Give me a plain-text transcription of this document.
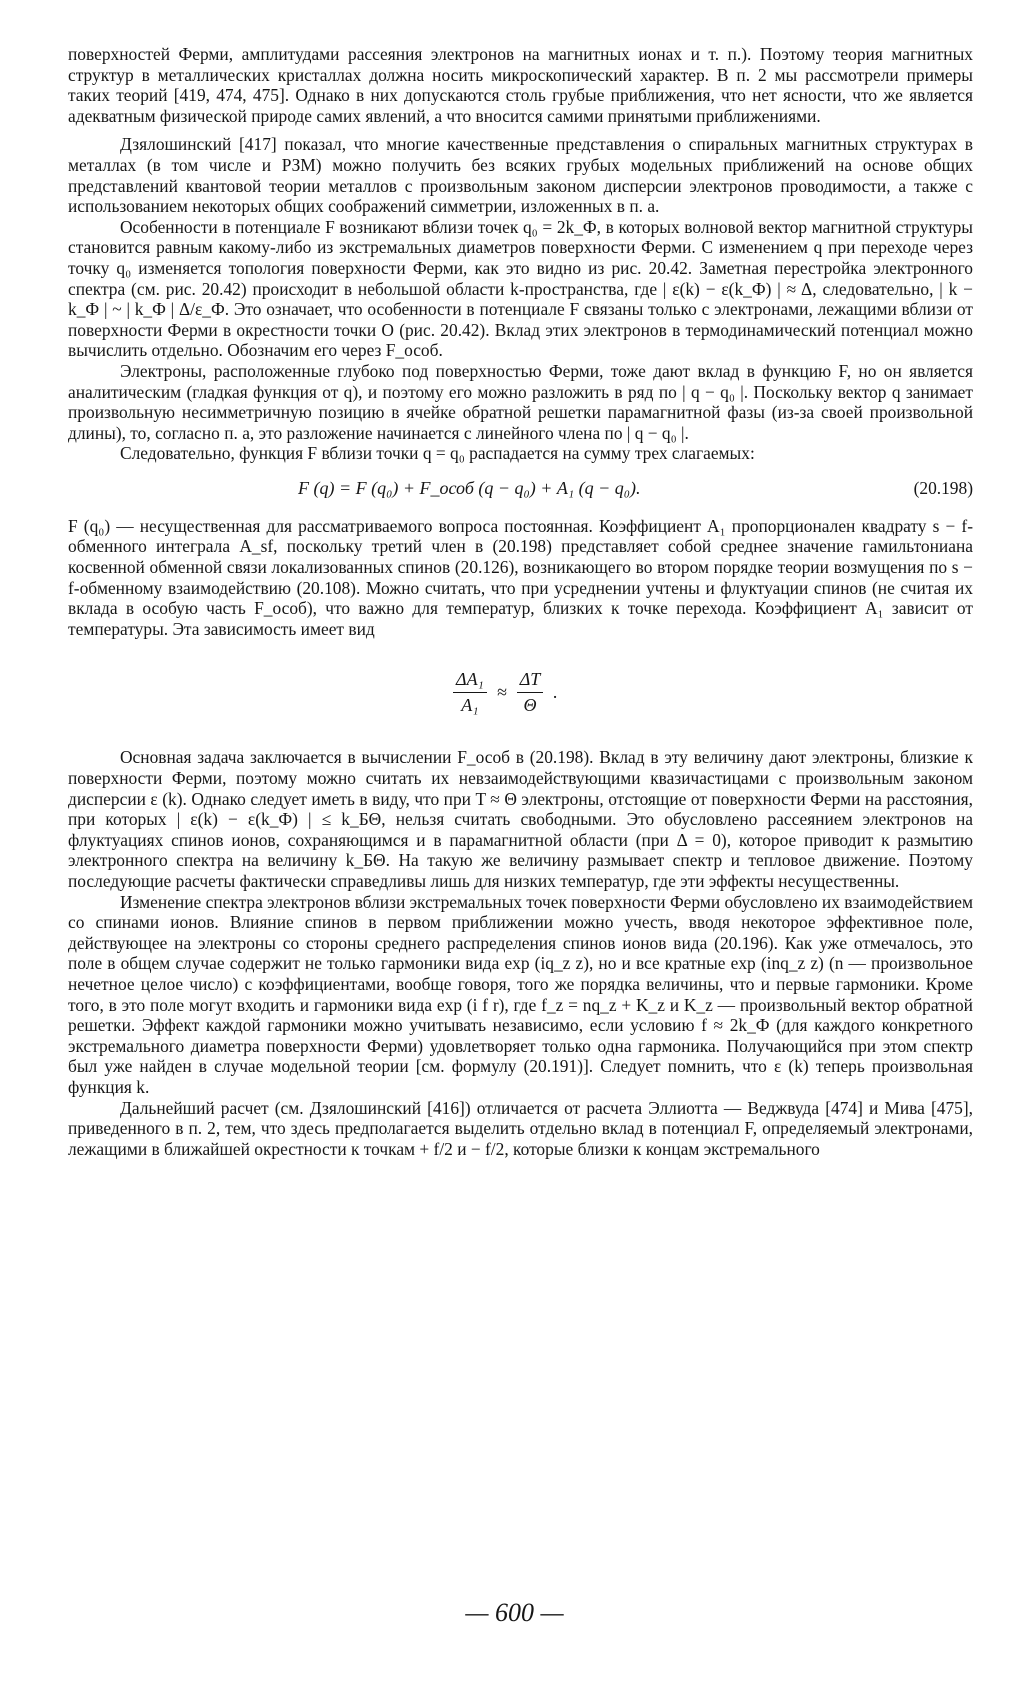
поверхностей Ферми, амплитудами рассеяния электронов на магнитных ионах и т. п.). Поэтому теория магнитных структур в металлических кристаллах должна носить микроскопический характер. В п. 2 мы рассмотрели примеры таких теорий [419, 474, 475]. Однако в них допускаются столь грубые приближения, что нет ясности, что же является адекватным физической природе самих явлений, а что вносится самими принятыми приближениями.

Дзялошинский [417] показал, что многие качественные представления о спиральных магнитных структурах в металлах (в том числе и РЗМ) можно получить без всяких грубых модельных приближений на основе общих представлений квантовой теории металлов с произвольным законом дисперсии электронов проводимости, а также с использованием некоторых общих соображений симметрии, изложенных в п. a.

Особенности в потенциале F возникают вблизи точек q₀ = 2k_Ф, в которых волновой вектор магнитной структуры становится равным какому-либо из экстремальных диаметров поверхности Ферми. С изменением q при переходе через точку q₀ изменяется топология поверхности Ферми, как это видно из рис. 20.42. Заметная перестройка электронного спектра (см. рис. 20.42) происходит в небольшой области k-пространства, где | ε(k) − ε(k_Ф) | ≈ Δ, следовательно, | k − k_Ф | ~ | k_Ф | Δ/ε_Ф. Это означает, что особенности в потенциале F связаны только с электронами, лежащими вблизи от поверхности Ферми в окрестности точки O (рис. 20.42). Вклад этих электронов в термодинамический потенциал можно вычислить отдельно. Обозначим его через F_особ.

Электроны, расположенные глубоко под поверхностью Ферми, тоже дают вклад в функцию F, но он является аналитическим (гладкая функция от q), и поэтому его можно разложить в ряд по | q − q₀ |. Поскольку вектор q занимает произвольную несимметричную позицию в ячейке обратной решетки парамагнитной фазы (из-за своей произвольной длины), то, согласно п. a, это разложение начинается с линейного члена по | q − q₀ |.

Следовательно, функция F вблизи точки q = q₀ распадается на сумму трех слагаемых:

F (q) = F (q₀) + F_особ (q − q₀) + A₁ (q − q₀).	(20.198)

F (q₀) — несущественная для рассматриваемого вопроса постоянная. Коэффициент A₁ пропорционален квадрату s − f-обменного интеграла A_sf, поскольку третий член в (20.198) представляет собой среднее значение гамильтониана косвенной обменной связи локализованных спинов (20.126), возникающего во втором порядке теории возмущения по s − f-обменному взаимодействию (20.108). Можно считать, что при усреднении учтены и флуктуации спинов (не считая их вклада в особую часть F_особ), что важно для температур, близких к точке перехода. Коэффициент A₁ зависит от температуры. Эта зависимость имеет вид

$\frac{\text{ΔA₁}}{\text{A₁}} \approx \frac{\Delta T}{\Theta}$ .

Основная задача заключается в вычислении F_особ в (20.198). Вклад в эту величину дают электроны, близкие к поверхности Ферми, поэтому можно считать их невзаимодействующими квазичастицами с произвольным законом дисперсии ε (k). Однако следует иметь в виду, что при T ≈ Θ электроны, отстоящие от поверхности Ферми на расстояния, при которых | ε(k) − ε(k_Ф) | ≤ k_БΘ, нельзя считать свободными. Это обусловлено рассеянием электронов на флуктуациях спинов ионов, сохраняющимся и в парамагнитной области (при Δ = 0), которое приводит к размытию электронного спектра на величину k_БΘ. На такую же величину размывает спектр и тепловое движение. Поэтому последующие расчеты фактически справедливы лишь для низких температур, где эти эффекты несущественны.

Изменение спектра электронов вблизи экстремальных точек поверхности Ферми обусловлено их взаимодействием со спинами ионов. Влияние спинов в первом приближении можно учесть, вводя некоторое эффективное поле, действующее на электроны со стороны среднего распределения спинов ионов вида (20.196). Как уже отмечалось, это поле в общем случае содержит не только гармоники вида exp (iq_z z), но и все кратные exp (inq_z z) (n — произвольное нечетное целое число) с коэффициентами, вообще говоря, того же порядка величины, что и первые гармоники. Кроме того, в это поле могут входить и гармоники вида exp (i f r), где f_z = nq_z + K_z и K_z — произвольный вектор обратной решетки. Эффект каждой гармоники можно учитывать независимо, если условию f ≈ 2k_Ф (для каждого конкретного экстремального диаметра поверхности Ферми) удовлетворяет только одна гармоника. Получающийся при этом спектр был уже найден в случае модельной теории [см. формулу (20.191)]. Следует помнить, что ε (k) теперь произвольная функция k.

Дальнейший расчет (см. Дзялошинский [416]) отличается от расчета Эллиотта — Веджвуда [474] и Мива [475], приведенного в п. 2, тем, что здесь предполагается выделить отдельно вклад в потенциал F, определяемый электронами, лежащими в ближайшей окрестности к точкам + f/2 и − f/2, которые близки к концам экстремального

— 600 —
